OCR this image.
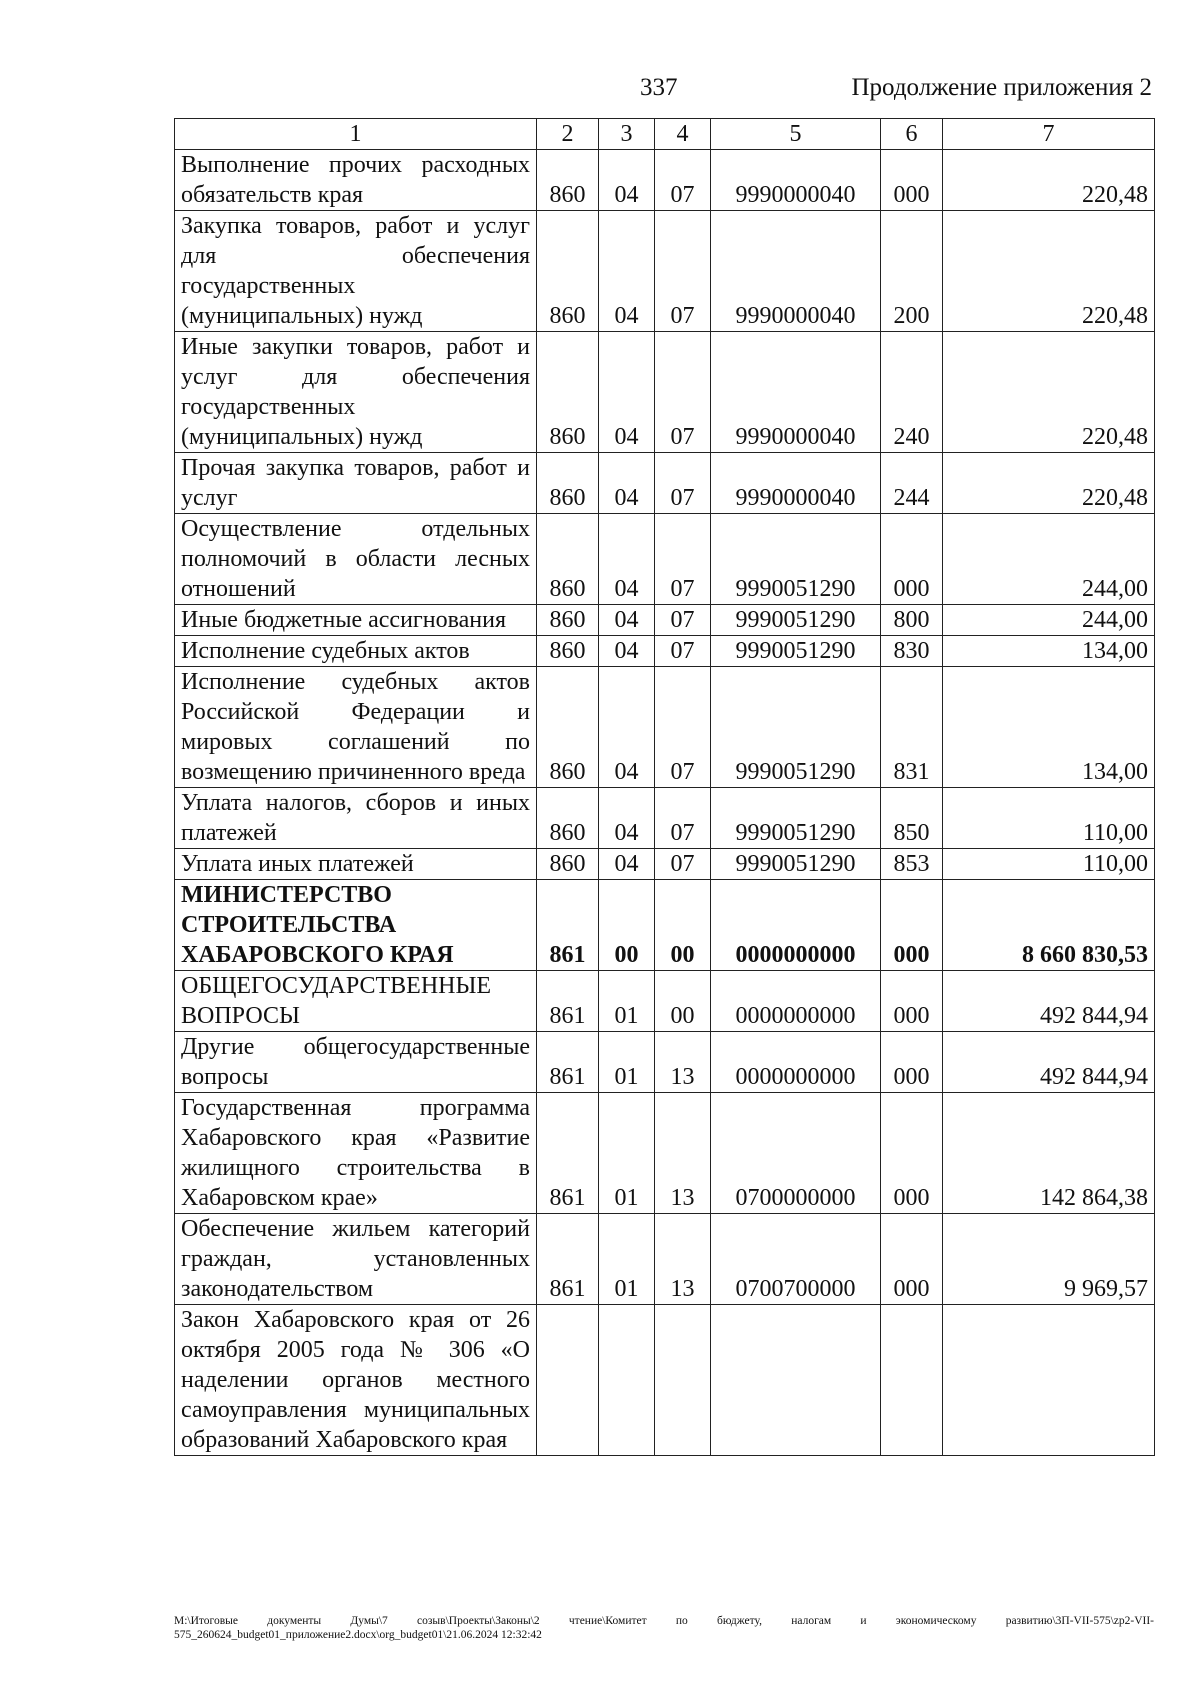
337	Продолжение приложения 2
1	2	3	4	5	6	7
Выполнение прочих расходных обязательств края	860	04	07	9990000040	000	220,48
Закупка товаров, работ и услуг для обеспечения государственных (муниципальных) нужд	860	04	07	9990000040	200	220,48
Иные закупки товаров, работ и услуг для обеспечения государственных (муниципальных) нужд	860	04	07	9990000040	240	220,48
Прочая закупка товаров, работ и услуг	860	04	07	9990000040	244	220,48
Осуществление отдельных полномочий в области лесных отношений	860	04	07	9990051290	000	244,00
Иные бюджетные ассигнования	860	04	07	9990051290	800	244,00
Исполнение судебных актов	860	04	07	9990051290	830	134,00
Исполнение судебных актов Российской Федерации и мировых соглашений по возмещению причиненного вреда	860	04	07	9990051290	831	134,00
Уплата налогов, сборов и иных платежей	860	04	07	9990051290	850	110,00
Уплата иных платежей	860	04	07	9990051290	853	110,00
МИНИСТЕРСТВО СТРОИТЕЛЬСТВА ХАБАРОВСКОГО КРАЯ	861	00	00	0000000000	000	8 660 830,53
ОБЩЕГОСУДАРСТВЕННЫЕ ВОПРОСЫ	861	01	00	0000000000	000	492 844,94
Другие общегосударственные вопросы	861	01	13	0000000000	000	492 844,94
Государственная программа Хабаровского края «Развитие жилищного строительства в Хабаровском крае»	861	01	13	0700000000	000	142 864,38
Обеспечение жильем категорий граждан, установленных законодательством	861	01	13	0700700000	000	9 969,57
Закон Хабаровского края от 26 октября 2005 года № 306 «О наделении органов местного самоуправления муниципальных образований Хабаровского края						
M:\Итоговые документы Думы\7 созыв\Проекты\Законы\2 чтение\Комитет по бюджету, налогам и экономическому развитию\3П-VII-575\zp2-VII-575_260624_budget01_приложение2.docx\org_budget01\21.06.2024 12:32:42
